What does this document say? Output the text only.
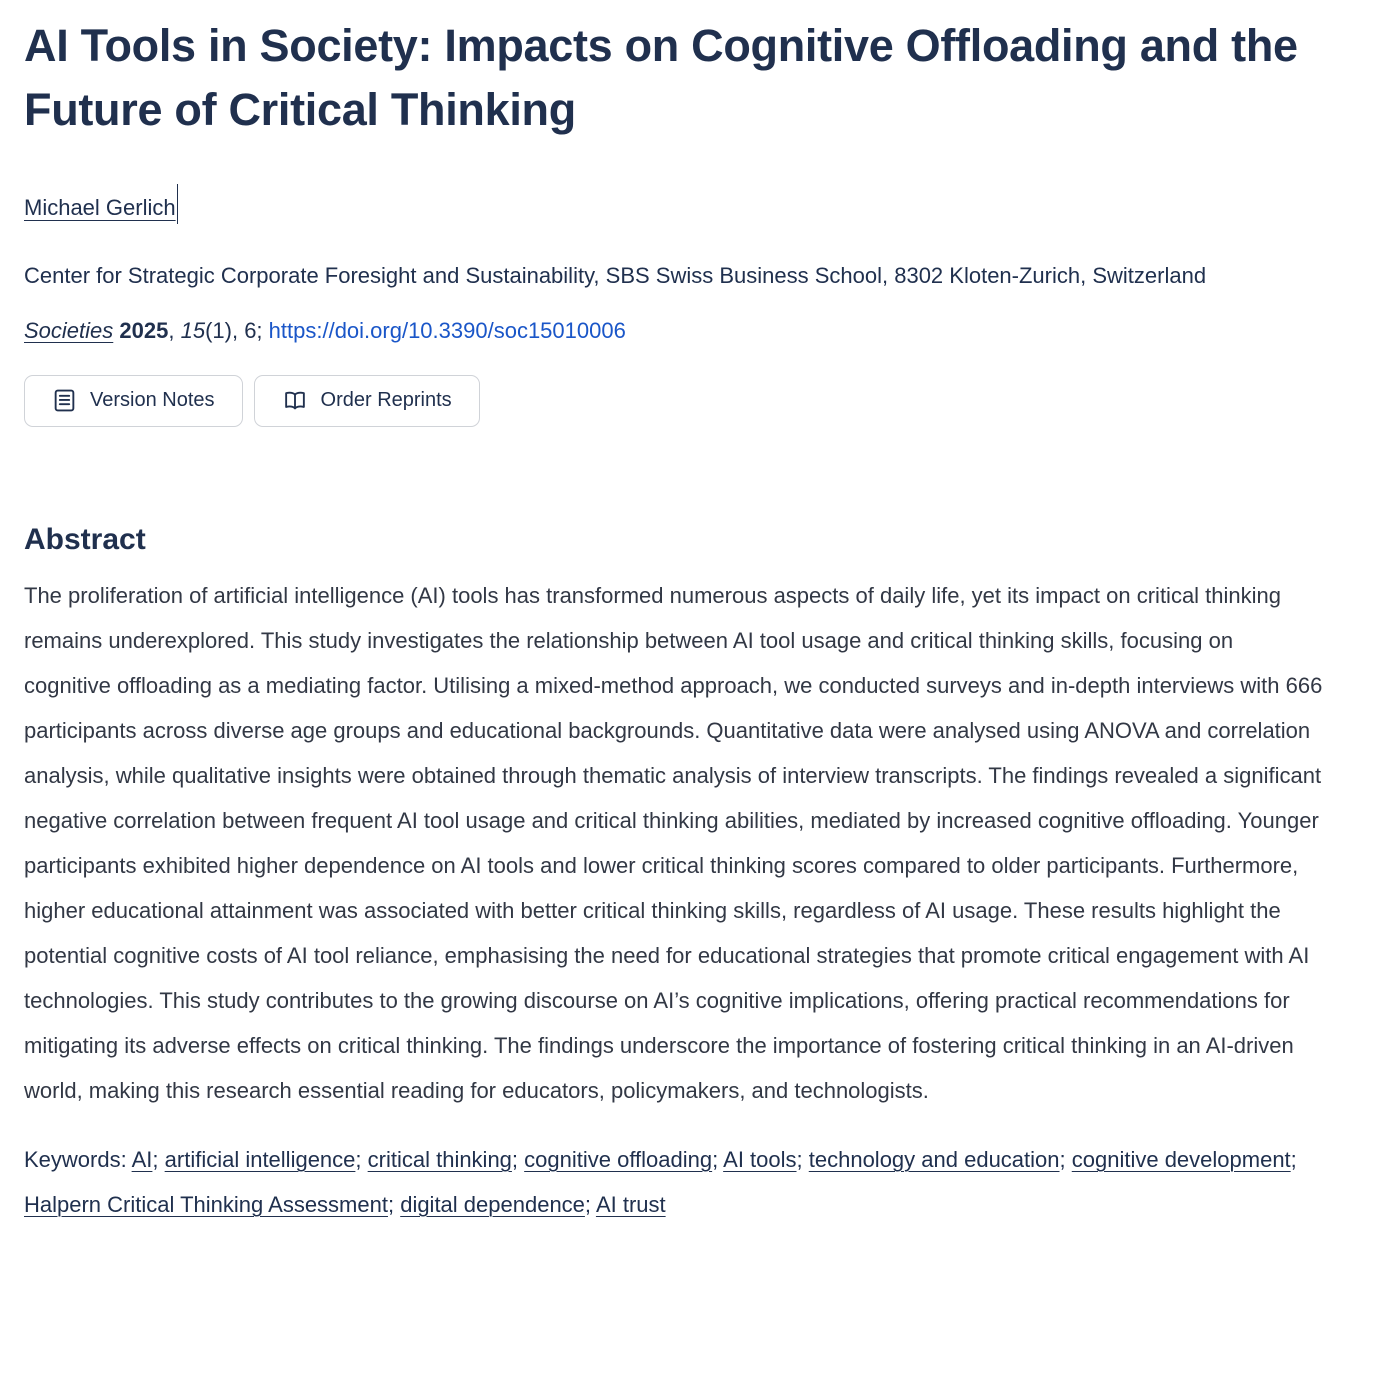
AI Tools in Society: Impacts on Cognitive Offloading and the Future of Critical Thinking
Michael Gerlich

Center for Strategic Corporate Foresight and Sustainability, SBS Swiss Business School, 8302 Kloten-Zurich, Switzerland

Societies 2025, 15(1), 6; https://doi.org/10.3390/soc15010006

Version Notes	Order Reprints
Abstract

The proliferation of artificial intelligence (AI) tools has transformed numerous aspects of daily life, yet its impact on critical thinking remains underexplored. This study investigates the relationship between AI tool usage and critical thinking skills, focusing on cognitive offloading as a mediating factor. Utilising a mixed-method approach, we conducted surveys and in-depth interviews with 666 participants across diverse age groups and educational backgrounds. Quantitative data were analysed using ANOVA and correlation analysis, while qualitative insights were obtained through thematic analysis of interview transcripts. The findings revealed a significant negative correlation between frequent AI tool usage and critical thinking abilities, mediated by increased cognitive offloading. Younger participants exhibited higher dependence on AI tools and lower critical thinking scores compared to older participants. Furthermore, higher educational attainment was associated with better critical thinking skills, regardless of AI usage. These results highlight the potential cognitive costs of AI tool reliance, emphasising the need for educational strategies that promote critical engagement with AI technologies. This study contributes to the growing discourse on AI’s cognitive implications, offering practical recommendations for mitigating its adverse effects on critical thinking. The findings underscore the importance of fostering critical thinking in an AI-driven world, making this research essential reading for educators, policymakers, and technologists.

Keywords: AI; artificial intelligence; critical thinking; cognitive offloading; AI tools; technology and education; cognitive development; Halpern Critical Thinking Assessment; digital dependence; AI trust
